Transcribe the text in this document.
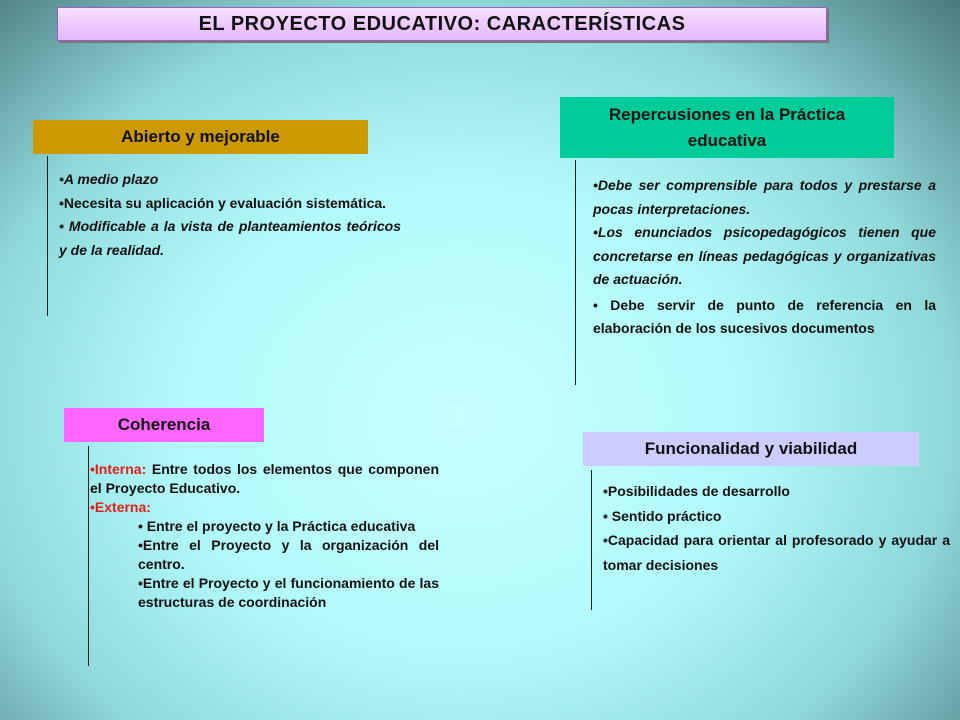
EL PROYECTO EDUCATIVO: CARACTERÍSTICAS
Abierto y mejorable

•A medio plazo

•Necesita su aplicación y evaluación sistemática.

• Modificable a la vista de planteamientos teóricos y de la realidad.

Repercusiones en la Práctica educativa

•Debe ser comprensible para todos y prestarse a pocas interpretaciones.

•Los enunciados psicopedagógicos tienen que concretarse en líneas pedagógicas y organizativas de actuación.

• Debe servir de punto de referencia en la elaboración de los sucesivos documentos

Coherencia

•Interna: Entre todos los elementos que componen el Proyecto Educativo.

•Externa:

• Entre el proyecto y la Práctica educativa

•Entre el Proyecto y la organización del centro.

•Entre el Proyecto y el funcionamiento de las estructuras de coordinación

Funcionalidad y viabilidad

•Posibilidades de desarrollo

• Sentido práctico

•Capacidad para orientar al profesorado y ayudar a tomar decisiones
